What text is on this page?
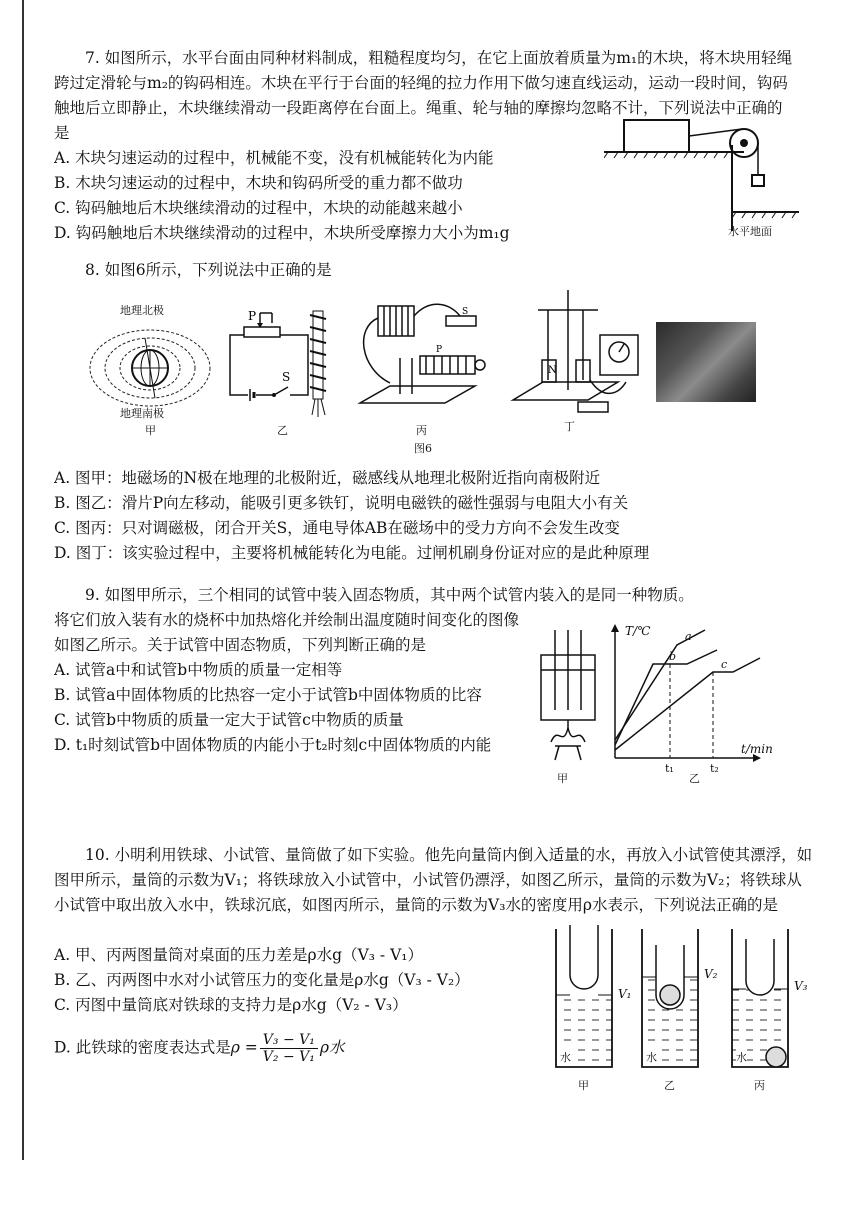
7. 如图所示，水平台面由同种材料制成，粗糙程度均匀，在它上面放着质量为m₁的木块，将木块用轻绳跨过定滑轮与m₂的钩码相连。木块在平行于台面的轻绳的拉力作用下做匀速直线运动，运动一段时间，钩码触地后立即静止，木块继续滑动一段距离停在台面上。绳重、轮与轴的摩擦均忽略不计，下列说法中正确的是

A. 木块匀速运动的过程中，机械能不变，没有机械能转化为内能

B. 木块匀速运动的过程中，木块和钩码所受的重力都不做功

C. 钩码触地后木块继续滑动的过程中，木块的动能越来越小

D. 钩码触地后木块继续滑动的过程中，木块所受摩擦力大小为m₁g	水平地面

8. 如图6所示，下列说法中正确的是

地理北极
地理南极
甲
P
S
乙
S
P
丙
N
丁
图6

A. 图甲：地磁场的N极在地理的北极附近，磁感线从地理北极附近指向南极附近

B. 图乙：滑片P向左移动，能吸引更多铁钉，说明电磁铁的磁性强弱与电阻大小有关

C. 图丙：只对调磁极，闭合开关S，通电导体AB在磁场中的受力方向不会发生改变

D. 图丁：该实验过程中，主要将机械能转化为电能。过闸机刷身份证对应的是此种原理

9. 如图甲所示，三个相同的试管中装入固态物质，其中两个试管内装入的是同一种物质。

将它们放入装有水的烧杯中加热熔化并绘制出温度随时间变化的图像如图乙所示。关于试管中固态物质，下列判断正确的是

A. 试管a中和试管b中物质的质量一定相等

B. 试管a中固体物质的比热容一定小于试管b中固体物质的比容

C. 试管b中物质的质量一定大于试管c中物质的质量

D. t₁时刻试管b中固体物质的内能小于t₂时刻c中固体物质的内能

甲
T/℃
t/min
a
b
c
t₁	t₂
乙

10. 小明利用铁球、小试管、量筒做了如下实验。他先向量筒内倒入适量的水，再放入小试管使其漂浮，如图甲所示，量筒的示数为V₁；将铁球放入小试管中，小试管仍漂浮，如图乙所示，量筒的示数为V₂；将铁球从小试管中取出放入水中，铁球沉底，如图丙所示，量筒的示数为V₃水的密度用ρ水表示，下列说法正确的是

A. 甲、丙两图量筒对桌面的压力差是ρ水g（V₃ - V₁）

B. 乙、丙两图中水对小试管压力的变化量是ρ水g（V₃ - V₂）

C. 丙图中量筒底对铁球的支持力是ρ水g（V₂ - V₃）

D. 此铁球的密度表达式是$\rho = \frac{\text{V₃ − V₁}}{\text{V₂ − V₁}}$ ρ水

V₁
V₂
V₃
水	水	水
甲	乙	丙
